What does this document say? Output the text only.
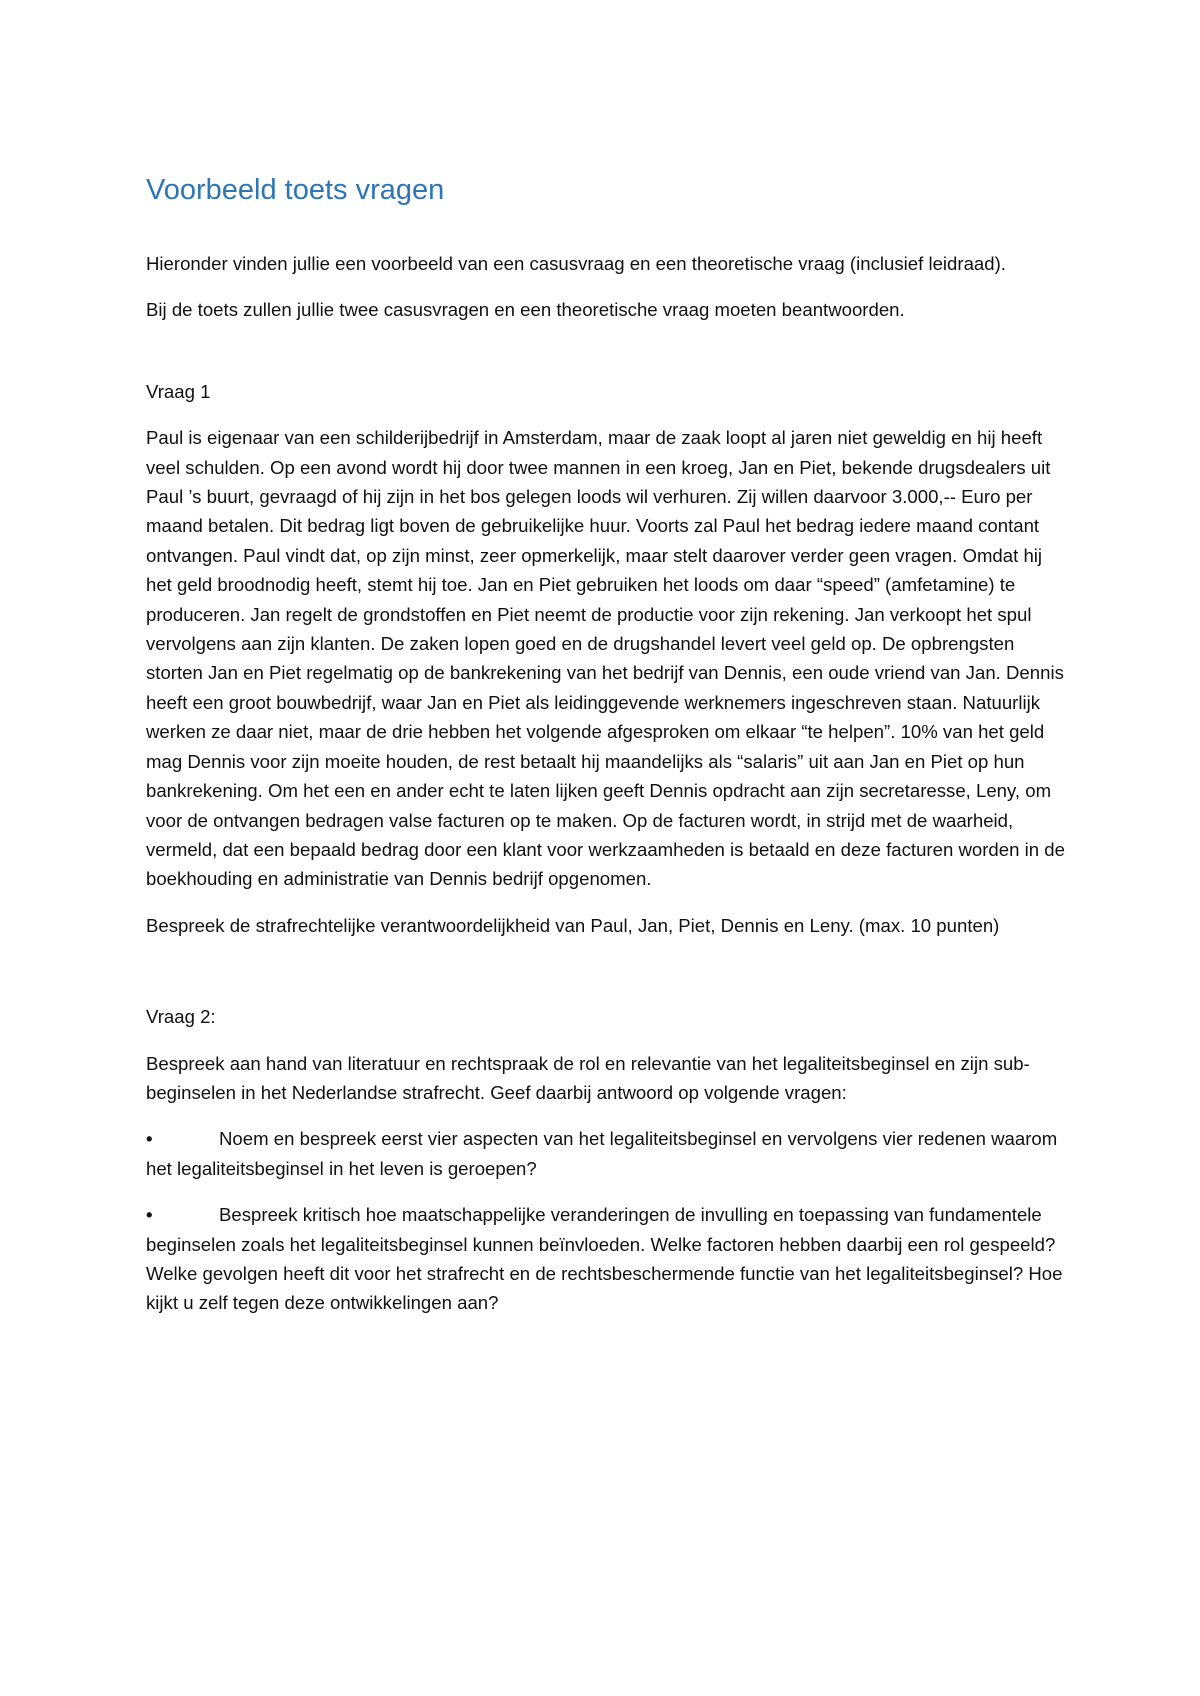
Voorbeeld toets vragen

Hieronder vinden jullie een voorbeeld van een casusvraag en een theoretische vraag (inclusief leidraad).

Bij de toets zullen jullie twee casusvragen en een theoretische vraag moeten beantwoorden.

Vraag 1

Paul is eigenaar van een schilderijbedrijf in Amsterdam, maar de zaak loopt al jaren niet geweldig en hij heeft veel schulden. Op een avond wordt hij door twee mannen in een kroeg, Jan en Piet, bekende drugsdealers uit Paul ’s buurt, gevraagd of hij zijn in het bos gelegen loods wil verhuren. Zij willen daarvoor 3.000,-- Euro per maand betalen. Dit bedrag ligt boven de gebruikelijke huur. Voorts zal Paul het bedrag iedere maand contant ontvangen. Paul vindt dat, op zijn minst, zeer opmerkelijk, maar stelt daarover verder geen vragen. Omdat hij het geld broodnodig heeft, stemt hij toe. Jan en Piet gebruiken het loods om daar “speed” (amfetamine) te produceren. Jan regelt de grondstoffen en Piet neemt de productie voor zijn rekening. Jan verkoopt het spul vervolgens aan zijn klanten. De zaken lopen goed en de drugshandel levert veel geld op. De opbrengsten storten Jan en Piet regelmatig op de bankrekening van het bedrijf van Dennis, een oude vriend van Jan. Dennis heeft een groot bouwbedrijf, waar Jan en Piet als leidinggevende werknemers ingeschreven staan. Natuurlijk werken ze daar niet, maar de drie hebben het volgende afgesproken om elkaar “te helpen”. 10% van het geld mag Dennis voor zijn moeite houden, de rest betaalt hij maandelijks als “salaris” uit aan Jan en Piet op hun bankrekening. Om het een en ander echt te laten lijken geeft Dennis opdracht aan zijn secretaresse, Leny, om voor de ontvangen bedragen valse facturen op te maken. Op de facturen wordt, in strijd met de waarheid, vermeld, dat een bepaald bedrag door een klant voor werkzaamheden is betaald en deze facturen worden in de boekhouding en administratie van Dennis bedrijf opgenomen.

Bespreek de strafrechtelijke verantwoordelijkheid van Paul, Jan, Piet, Dennis en Leny. (max. 10 punten)

Vraag 2:

Bespreek aan hand van literatuur en rechtspraak de rol en relevantie van het legaliteitsbeginsel en zijn sub-beginselen in het Nederlandse strafrecht. Geef daarbij antwoord op volgende vragen:

•	Noem en bespreek eerst vier aspecten van het legaliteitsbeginsel en vervolgens vier redenen waarom het legaliteitsbeginsel in het leven is geroepen?

•	Bespreek kritisch hoe maatschappelijke veranderingen de invulling en toepassing van fundamentele beginselen zoals het legaliteitsbeginsel kunnen beïnvloeden. Welke factoren hebben daarbij een rol gespeeld? Welke gevolgen heeft dit voor het strafrecht en de rechtsbeschermende functie van het legaliteitsbeginsel? Hoe kijkt u zelf tegen deze ontwikkelingen aan?
